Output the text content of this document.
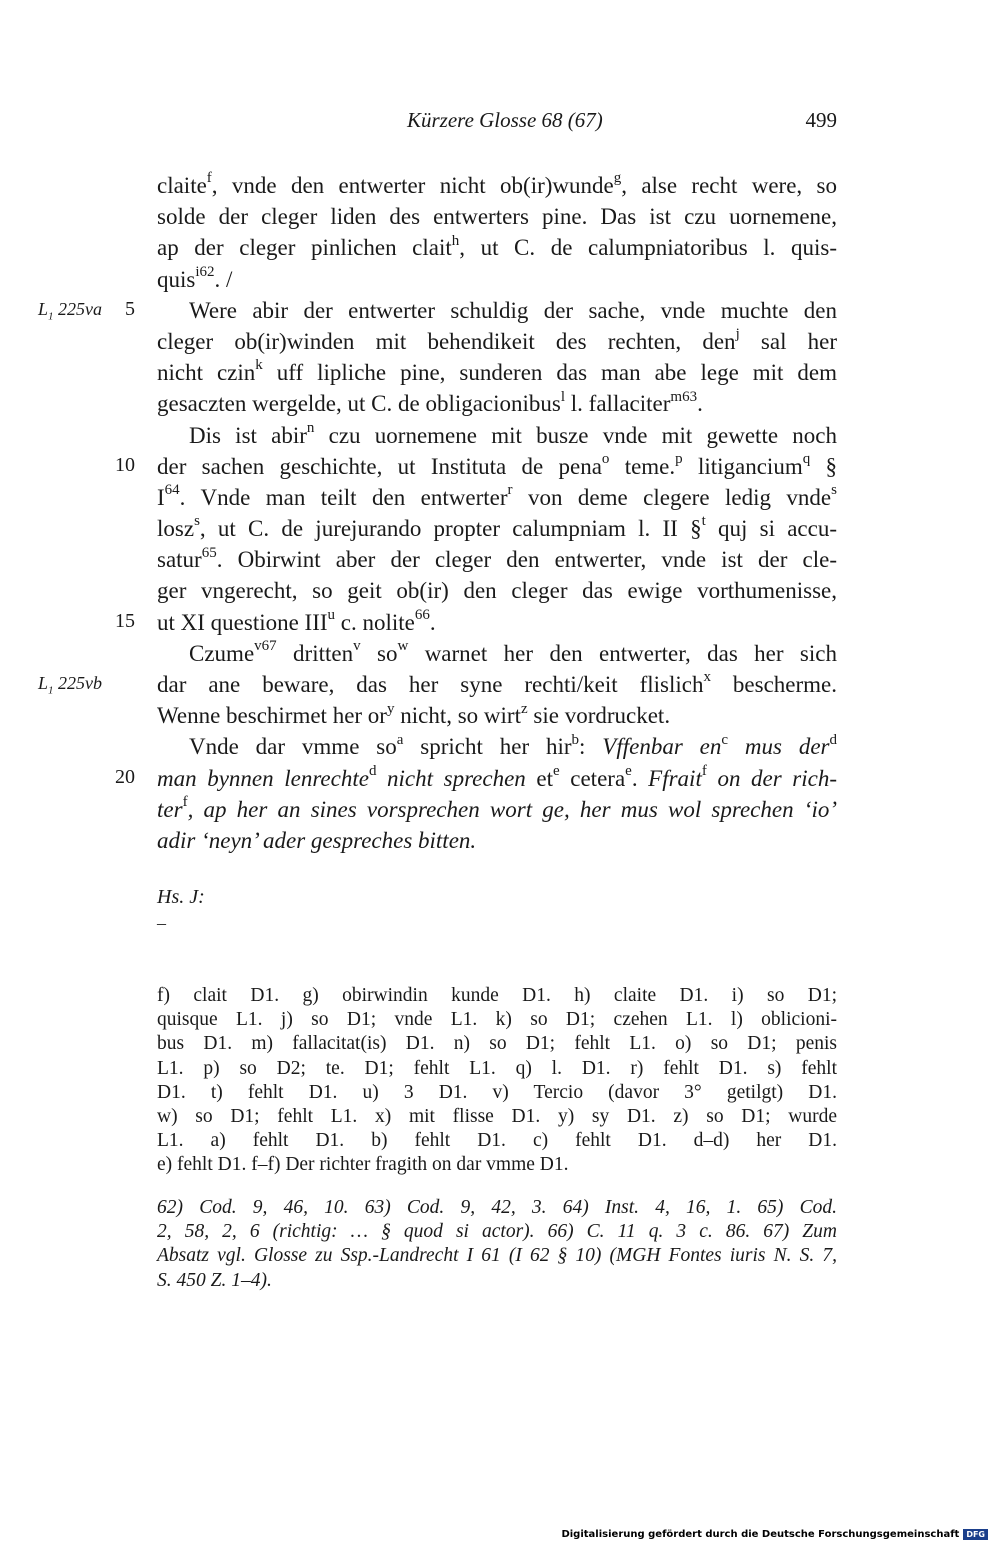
Kürzere Glosse 68 (67)	499
claite$^f$, vnde den entwerter nicht ob(ir)wunde$^g$, alse recht were, so
solde der cleger liden des entwerters pine. Das ist czu uornemene,
ap der cleger pinlichen clait$^h$, ut C. de calumpniatoribus l. quis-
quis$^{i62}$. /
Were abir der entwerter schuldig der sache, vnde muchte den
cleger ob(ir)winden mit behendikeit des rechten, den$^j$ sal her
nicht czin$^k$ uff lipliche pine, sunderen das man abe lege mit dem
gesaczten wergelde, ut C. de obligacionibus$^l$ l. fallaciter$^{m63}$.
Dis ist abir$^n$ czu uornemene mit busze vnde mit gewette noch
der sachen geschichte, ut Instituta de pena$^o$ teme.$^p$ litigancium$^q$ §
$I^{64}$. Vnde man teilt den entwerter$^r$ von deme clegere ledig vnde$^s$
losz$^s$, ut C. de jurejurando propter calumpniam l. II §$^t$ quj si accu-
satur$^{65}$. Obirwint aber der cleger den entwerter, vnde ist der cle-
ger vngerecht, so geit ob(ir) den cleger das ewige vorthumenisse,
ut XI questione III$^u$ c. nolite$^{66}$.
Czume$^{v67}$ dritten$^v$ $so^w$ warnet her den entwerter, das her sich
dar ane beware, das her syne rechti/keit flislich$^x$ bescherme.
Wenne beschirmet her $or^y$ nicht, so wirt$^z$ sie vordrucket.
Vnde dar vmme $so^a$ spricht her hir$^b$: Vffenbar $en^c$ mus der$^d$
man bynnen lenrechte$^d$ nicht sprechen $et^e$ cetera$^e$. Ffrait$^f$ on der rich-
ter$^f$, ap her an sines vorsprechen wort ge, her mus wol sprechen ‘io’
adir ‘neyn’ ader gespreches bitten.
5
10
15
20
$L_1$ 225va
$L_1$ 225vb
Hs. J:
–
f) clait D1. g) obirwindin kunde D1. h) claite D1. i) so D1;
quisque L1. j) so D1; vnde L1. k) so D1; czehen L1. l) oblicioni-
bus D1. m) fallacitat(is) D1. n) so D1; fehlt L1. o) so D1; penis
L1. p) so D2; te. D1; fehlt L1. q) l. D1. r) fehlt D1. s) fehlt
D1. t) fehlt D1. u) 3 D1. v) Tercio (davor 3° getilgt) D1.
w) so D1; fehlt L1. x) mit flisse D1. y) sy D1. z) so D1; wurde
L1. a) fehlt D1. b) fehlt D1. c) fehlt D1. d–d) her D1.
e) fehlt D1. f–f) Der richter fragith on dar vmme D1.
62) Cod. 9, 46, 10. 63) Cod. 9, 42, 3. 64) Inst. 4, 16, 1. 65) Cod.
2, 58, 2, 6 (richtig: … § quod si actor). 66) C. 11 q. 3 c. 86. 67) Zum
Absatz vgl. Glosse zu Ssp.-Landrecht I 61 (I 62 § 10) (MGH Fontes iuris N. S. 7,
S. 450 Z. 1–4).
Digitalisierung gefördert durch die Deutsche Forschungsgemeinschaft DFG
